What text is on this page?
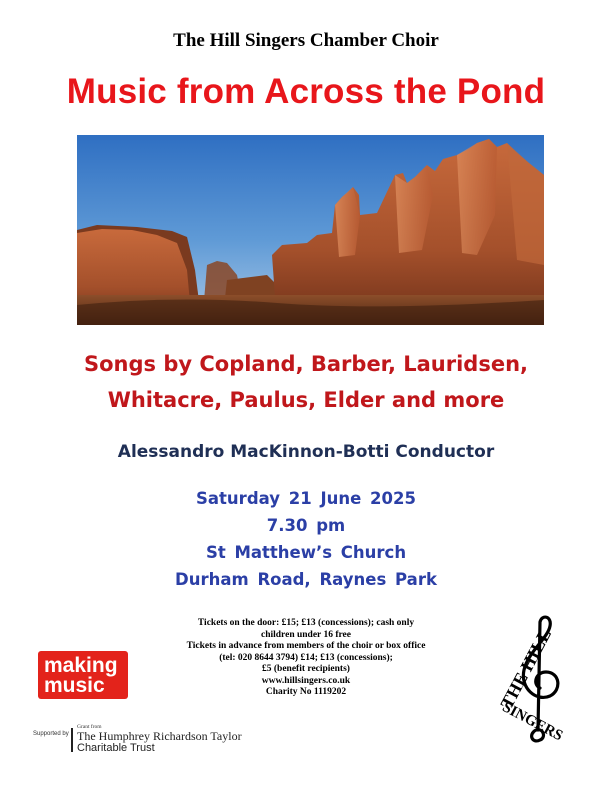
The Hill Singers Chamber Choir
Music from Across the Pond
Songs by Copland, Barber, Lauridsen,
Whitacre, Paulus, Elder and more
Alessandro MacKinnon-Botti Conductor
Saturday 21 June 2025
7.30 pm
St Matthew’s Church
Durham Road, Raynes Park
Tickets on the door: £15; £13 (concessions); cash only
children under 16 free
Tickets in advance from members of the choir or box office
(tel: 020 8644 3794) £14; £13 (concessions);
£5 (benefit recipients)
www.hillsingers.co.uk
Charity No 1119202
making
music
Supported by
Grant from
The Humphrey Richardson Taylor
Charitable Trust
THE HILL
SINGERS
